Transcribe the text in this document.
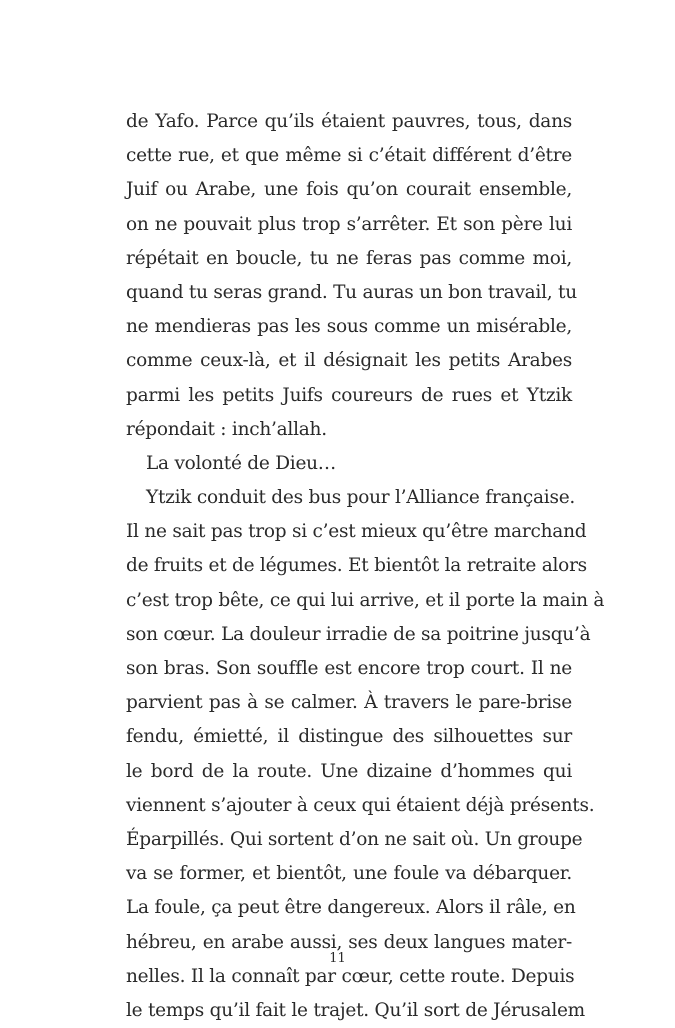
de Yafo. Parce qu’ils étaient pauvres, tous, dans
cette rue, et que même si c’était différent d’être
Juif ou Arabe, une fois qu’on courait ensemble,
on ne pouvait plus trop s’arrêter. Et son père lui
répétait en boucle, tu ne feras pas comme moi,
quand tu seras grand. Tu auras un bon travail, tu
ne mendieras pas les sous comme un misérable,
comme ceux-là, et il désignait les petits Arabes
parmi les petits Juifs coureurs de rues et Ytzik
répondait : inch’allah.
La volonté de Dieu…
Ytzik conduit des bus pour l’Alliance française.
Il ne sait pas trop si c’est mieux qu’être marchand
de fruits et de légumes. Et bientôt la retraite alors
c’est trop bête, ce qui lui arrive, et il porte la main à
son cœur. La douleur irradie de sa poitrine jusqu’à
son bras. Son souffle est encore trop court. Il ne
parvient pas à se calmer. À travers le pare-brise
fendu, émietté, il distingue des silhouettes sur
le bord de la route. Une dizaine d’hommes qui
viennent s’ajouter à ceux qui étaient déjà présents.
Éparpillés. Qui sortent d’on ne sait où. Un groupe
va se former, et bientôt, une foule va débarquer.
La foule, ça peut être dangereux. Alors il râle, en
hébreu, en arabe aussi, ses deux langues mater-
nelles. Il la connaît par cœur, cette route. Depuis
le temps qu’il fait le trajet. Qu’il sort de Jérusalem
11
